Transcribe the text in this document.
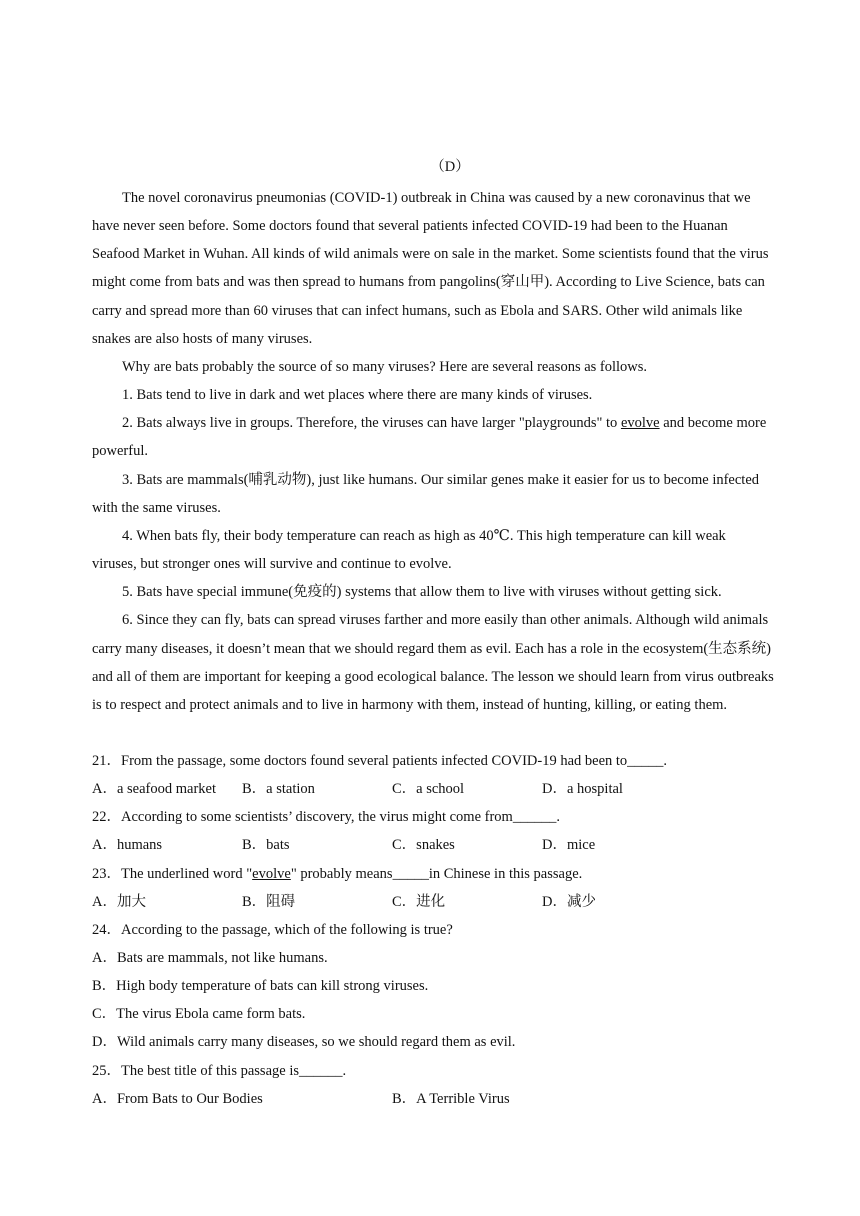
（D）

The novel coronavirus pneumonias (COVID-1) outbreak in China was caused by a new coronavinus that we have never seen before. Some doctors found that several patients infected COVID-19 had been to the Huanan Seafood Market in Wuhan. All kinds of wild animals were on sale in the market. Some scientists found that the virus might come from bats and was then spread to humans from pangolins(穿山甲). According to Live Science, bats can carry and spread more than 60 viruses that can infect humans, such as Ebola and SARS. Other wild animals like snakes are also hosts of many viruses.

Why are bats probably the source of so many viruses? Here are several reasons as follows.

1. Bats tend to live in dark and wet places where there are many kinds of viruses.

2. Bats always live in groups. Therefore, the viruses can have larger "playgrounds" to evolve and become more powerful.

3. Bats are mammals(哺乳动物), just like humans. Our similar genes make it easier for us to become infected with the same viruses.

4. When bats fly, their body temperature can reach as high as 40℃. This high temperature can kill weak viruses, but stronger ones will survive and continue to evolve.

5. Bats have special immune(免疫的) systems that allow them to live with viruses without getting sick.

6. Since they can fly, bats can spread viruses farther and more easily than other animals. Although wild animals carry many diseases, it doesn’t mean that we should regard them as evil. Each has a role in the ecosystem(生态系统) and all of them are important for keeping a good ecological balance. The lesson we should learn from virus outbreaks is to respect and protect animals and to live in harmony with them, instead of hunting, killing, or eating them.

21．From the passage, some doctors found several patients infected COVID-19 had been to_____.
A．a seafood market B．a station	C．a school	D．a hospital
22．According to some scientists’ discovery, the virus might come from______.
A．humans	B．bats	C．snakes	D．mice
23．The underlined word "evolve" probably means_____in Chinese in this passage.
A．加大	B．阻碍	C．进化	D．减少
24．According to the passage, which of the following is true?
A．Bats are mammals, not like humans.
B．High body temperature of bats can kill strong viruses.
C．The virus Ebola came form bats.
D．Wild animals carry many diseases, so we should regard them as evil.
25．The best title of this passage is______.
A．From Bats to Our Bodies	B．A Terrible Virus
